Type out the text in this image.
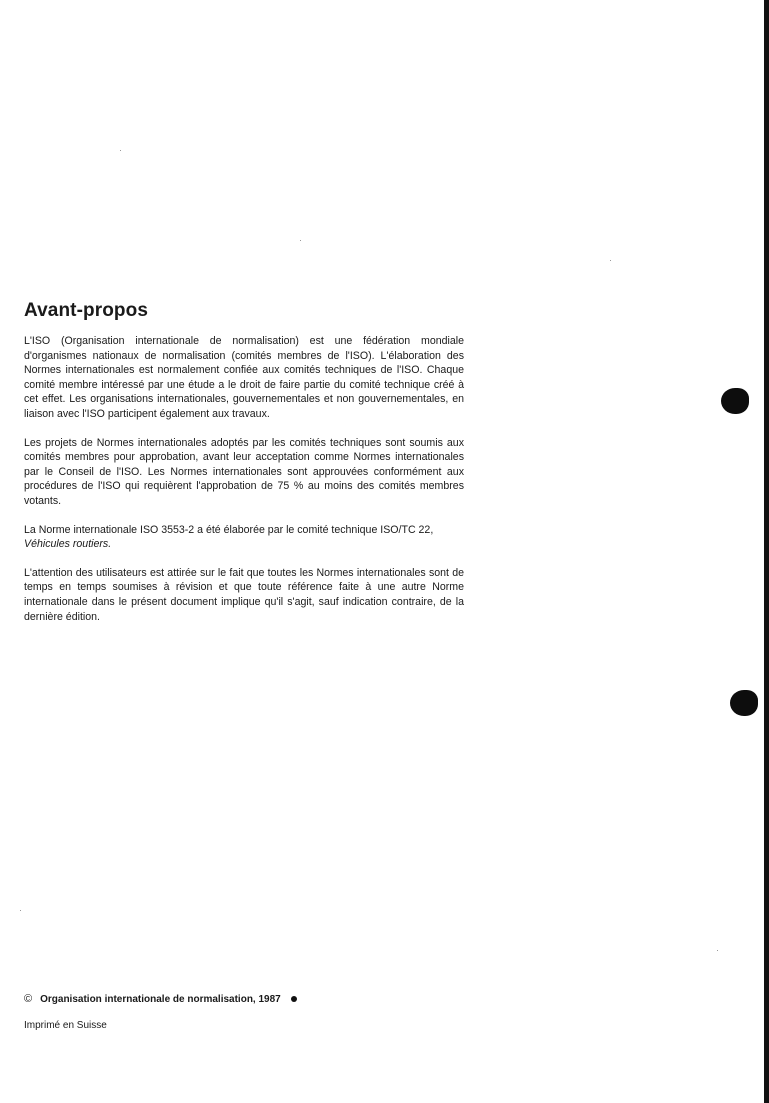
Avant-propos

L'ISO (Organisation internationale de normalisation) est une fédération mondiale d'organismes nationaux de normalisation (comités membres de l'ISO). L'élaboration des Normes internationales est normalement confiée aux comités techniques de l'ISO. Chaque comité membre intéressé par une étude a le droit de faire partie du comité technique créé à cet effet. Les organisations internationales, gouvernementales et non gouvernementales, en liaison avec l'ISO participent également aux travaux.

Les projets de Normes internationales adoptés par les comités techniques sont soumis aux comités membres pour approbation, avant leur acceptation comme Normes internationales par le Conseil de l'ISO. Les Normes internationales sont approuvées conformément aux procédures de l'ISO qui requièrent l'approbation de 75 % au moins des comités membres votants.

La Norme internationale ISO 3553-2 a été élaborée par le comité technique ISO/TC 22,
Véhicules routiers.

L'attention des utilisateurs est attirée sur le fait que toutes les Normes internationales sont de temps en temps soumises à révision et que toute référence faite à une autre Norme internationale dans le présent document implique qu'il s'agit, sauf indication contraire, de la dernière édition.

© Organisation internationale de normalisation, 1987
Imprimé en Suisse
